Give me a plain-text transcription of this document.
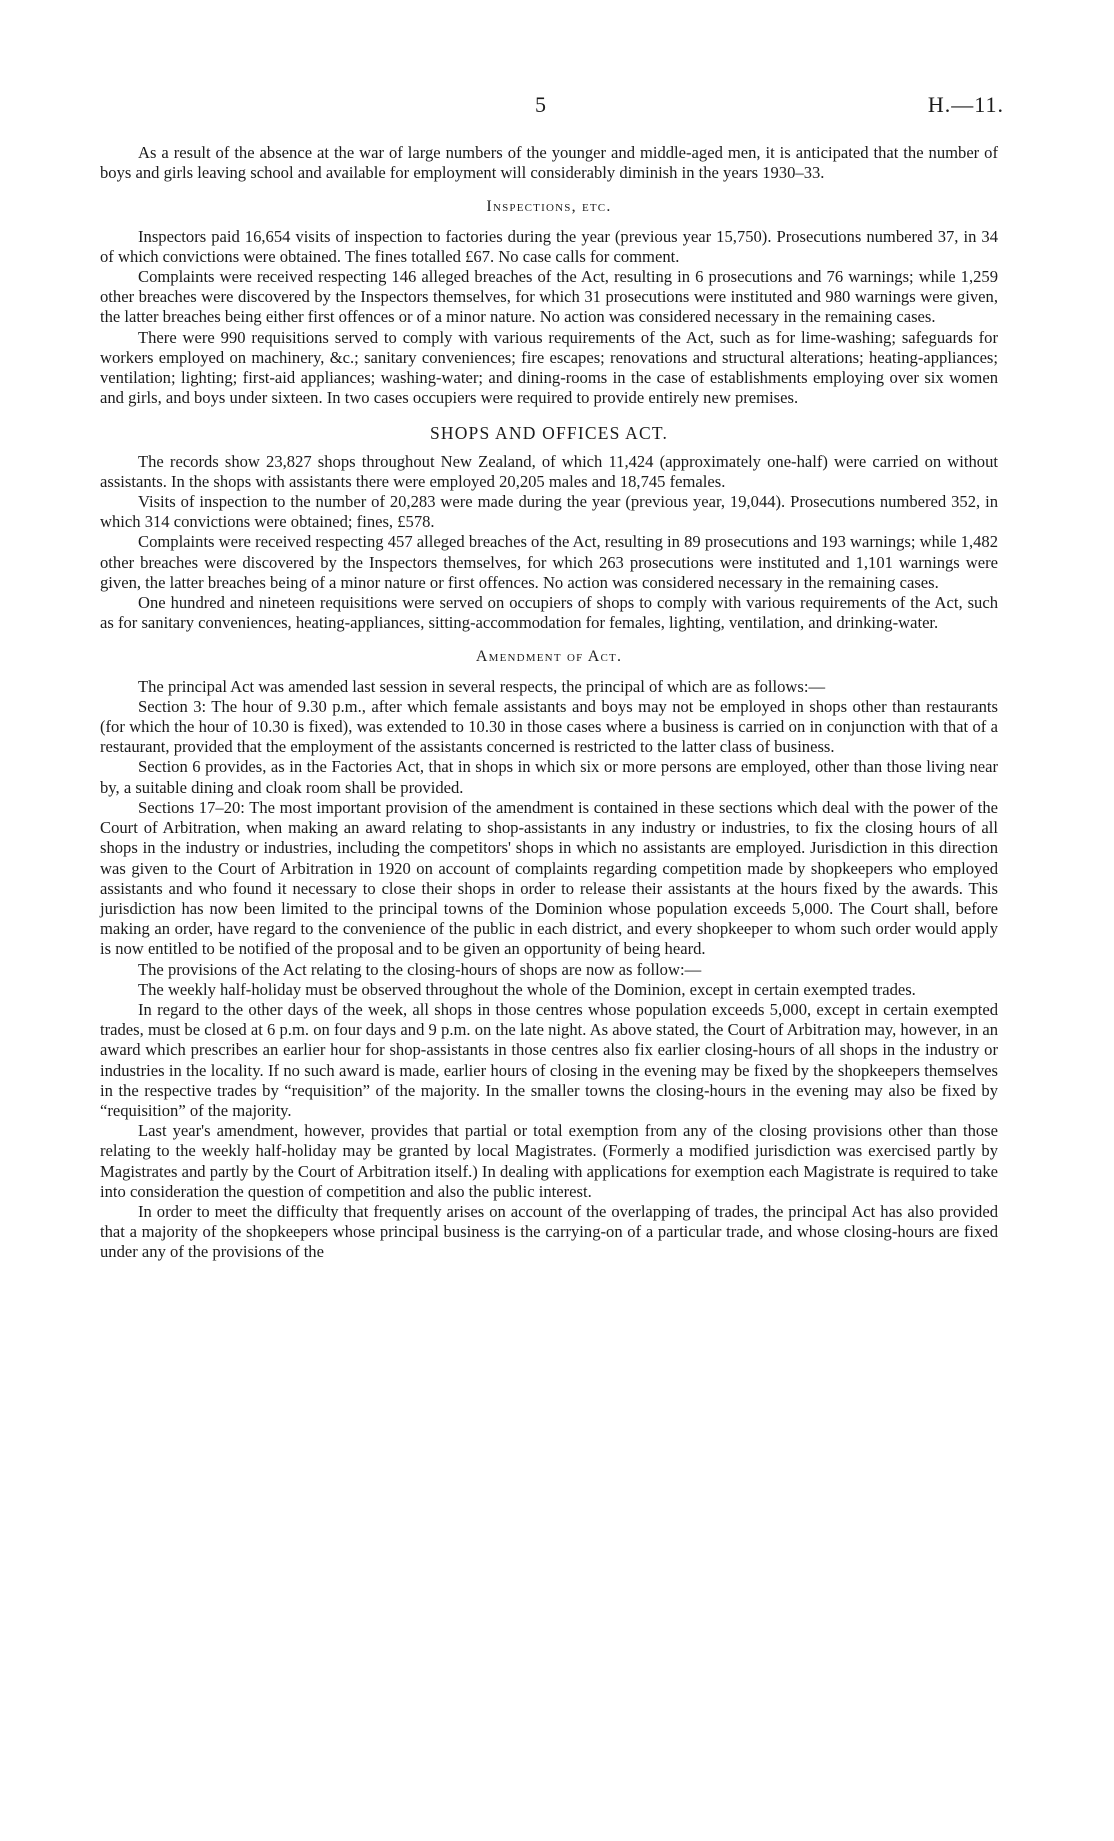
5	H.—11.

As a result of the absence at the war of large numbers of the younger and middle-aged men, it is anticipated that the number of boys and girls leaving school and available for employment will considerably diminish in the years 1930–33.

Inspections, etc.

Inspectors paid 16,654 visits of inspection to factories during the year (previous year 15,750). Prosecutions numbered 37, in 34 of which convictions were obtained. The fines totalled £67. No case calls for comment.

Complaints were received respecting 146 alleged breaches of the Act, resulting in 6 prosecutions and 76 warnings; while 1,259 other breaches were discovered by the Inspectors themselves, for which 31 prosecutions were instituted and 980 warnings were given, the latter breaches being either first offences or of a minor nature. No action was considered necessary in the remaining cases.

There were 990 requisitions served to comply with various requirements of the Act, such as for lime-washing; safeguards for workers employed on machinery, &c.; sanitary conveniences; fire escapes; renovations and structural alterations; heating-appliances; ventilation; lighting; first-aid appliances; washing-water; and dining-rooms in the case of establishments employing over six women and girls, and boys under sixteen. In two cases occupiers were required to provide entirely new premises.

SHOPS AND OFFICES ACT.

The records show 23,827 shops throughout New Zealand, of which 11,424 (approximately one-half) were carried on without assistants. In the shops with assistants there were employed 20,205 males and 18,745 females.

Visits of inspection to the number of 20,283 were made during the year (previous year, 19,044). Prosecutions numbered 352, in which 314 convictions were obtained; fines, £578.

Complaints were received respecting 457 alleged breaches of the Act, resulting in 89 prosecutions and 193 warnings; while 1,482 other breaches were discovered by the Inspectors themselves, for which 263 prosecutions were instituted and 1,101 warnings were given, the latter breaches being of a minor nature or first offences. No action was considered necessary in the remaining cases.

One hundred and nineteen requisitions were served on occupiers of shops to comply with various requirements of the Act, such as for sanitary conveniences, heating-appliances, sitting-accommodation for females, lighting, ventilation, and drinking-water.

Amendment of Act.

The principal Act was amended last session in several respects, the principal of which are as follows:—

Section 3: The hour of 9.30 p.m., after which female assistants and boys may not be employed in shops other than restaurants (for which the hour of 10.30 is fixed), was extended to 10.30 in those cases where a business is carried on in conjunction with that of a restaurant, provided that the employment of the assistants concerned is restricted to the latter class of business.

Section 6 provides, as in the Factories Act, that in shops in which six or more persons are employed, other than those living near by, a suitable dining and cloak room shall be provided.

Sections 17–20: The most important provision of the amendment is contained in these sections which deal with the power of the Court of Arbitration, when making an award relating to shop-assistants in any industry or industries, to fix the closing hours of all shops in the industry or industries, including the competitors' shops in which no assistants are employed. Jurisdiction in this direction was given to the Court of Arbitration in 1920 on account of complaints regarding competition made by shopkeepers who employed assistants and who found it necessary to close their shops in order to release their assistants at the hours fixed by the awards. This jurisdiction has now been limited to the principal towns of the Dominion whose population exceeds 5,000. The Court shall, before making an order, have regard to the convenience of the public in each district, and every shopkeeper to whom such order would apply is now entitled to be notified of the proposal and to be given an opportunity of being heard.

The provisions of the Act relating to the closing-hours of shops are now as follow:—

The weekly half-holiday must be observed throughout the whole of the Dominion, except in certain exempted trades.

In regard to the other days of the week, all shops in those centres whose population exceeds 5,000, except in certain exempted trades, must be closed at 6 p.m. on four days and 9 p.m. on the late night. As above stated, the Court of Arbitration may, however, in an award which prescribes an earlier hour for shop-assistants in those centres also fix earlier closing-hours of all shops in the industry or industries in the locality. If no such award is made, earlier hours of closing in the evening may be fixed by the shopkeepers themselves in the respective trades by “requisition” of the majority. In the smaller towns the closing-hours in the evening may also be fixed by “requisition” of the majority.

Last year's amendment, however, provides that partial or total exemption from any of the closing provisions other than those relating to the weekly half-holiday may be granted by local Magistrates. (Formerly a modified jurisdiction was exercised partly by Magistrates and partly by the Court of Arbitration itself.) In dealing with applications for exemption each Magistrate is required to take into consideration the question of competition and also the public interest.

In order to meet the difficulty that frequently arises on account of the overlapping of trades, the principal Act has also provided that a majority of the shopkeepers whose principal business is the carrying-on of a particular trade, and whose closing-hours are fixed under any of the provisions of the
